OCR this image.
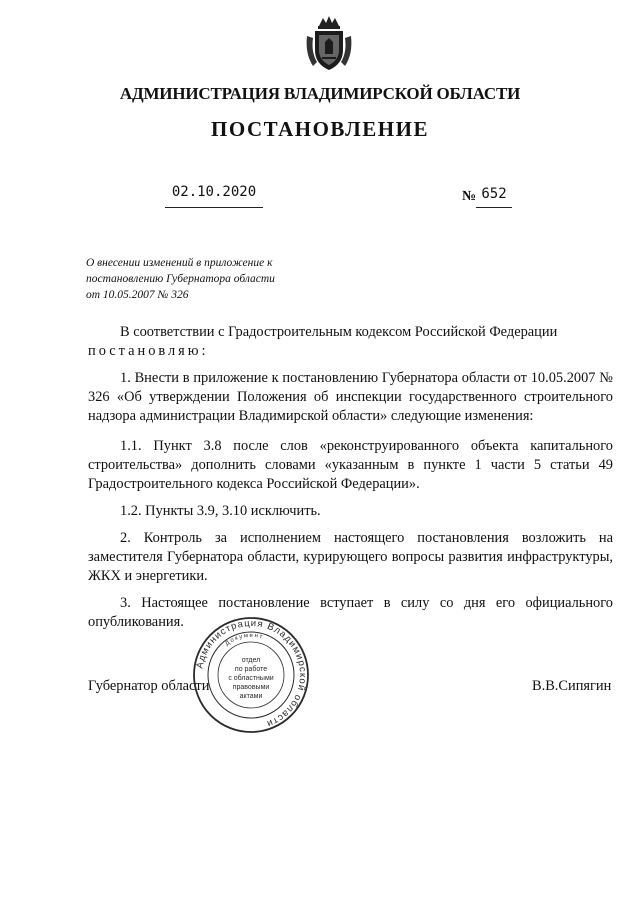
АДМИНИСТРАЦИЯ ВЛАДИМИРСКОЙ ОБЛАСТИ
ПОСТАНОВЛЕНИЕ
02.10.2020	№ 652
О внесении изменений в приложение к
постановлению Губернатора области
от 10.05.2007 № 326

В соответствии с Градостроительным кодексом Российской Федерации

постановляю:

1. Внести в приложение к постановлению Губернатора области от 10.05.2007 № 326 «Об утверждении Положения об инспекции государственного строительного надзора администрации Владимирской области» следующие изменения:

1.1. Пункт 3.8 после слов «реконструированного объекта капитального строительства» дополнить словами «указанным в пункте 1 части 5 статьи 49 Градостроительного кодекса Российской Федерации».

1.2. Пункты 3.9, 3.10 исключить.

2. Контроль за исполнением настоящего постановления возложить на заместителя Губернатора области, курирующего вопросы развития инфраструктуры, ЖКХ и энергетики.

3. Настоящее постановление вступает в силу со дня его официального опубликования.

Губернатор области	В.В.Сипягин
Администрация Владимирской области
Документ
отдел
по работе
с областными
правовыми
актами
